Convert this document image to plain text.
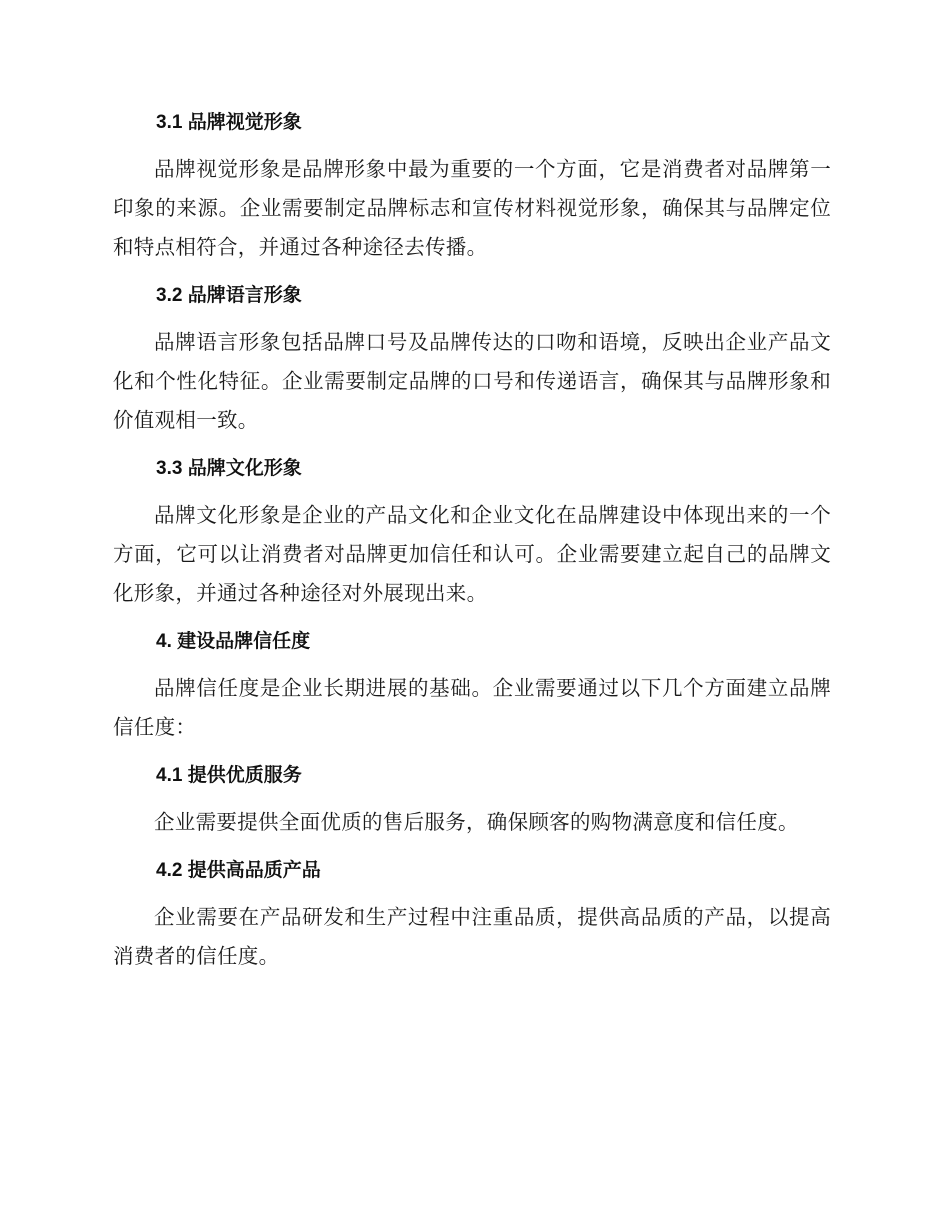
3.1 品牌视觉形象

品牌视觉形象是品牌形象中最为重要的一个方面，它是消费者对品牌第一印象的来源。企业需要制定品牌标志和宣传材料视觉形象，确保其与品牌定位和特点相符合，并通过各种途径去传播。

3.2 品牌语言形象

品牌语言形象包括品牌口号及品牌传达的口吻和语境，反映出企业产品文化和个性化特征。企业需要制定品牌的口号和传递语言，确保其与品牌形象和价值观相一致。

3.3 品牌文化形象

品牌文化形象是企业的产品文化和企业文化在品牌建设中体现出来的一个方面，它可以让消费者对品牌更加信任和认可。企业需要建立起自己的品牌文化形象，并通过各种途径对外展现出来。

4. 建设品牌信任度

品牌信任度是企业长期进展的基础。企业需要通过以下几个方面建立品牌信任度：

4.1 提供优质服务

企业需要提供全面优质的售后服务，确保顾客的购物满意度和信任度。

4.2 提供高品质产品

企业需要在产品研发和生产过程中注重品质，提供高品质的产品，以提高消费者的信任度。
